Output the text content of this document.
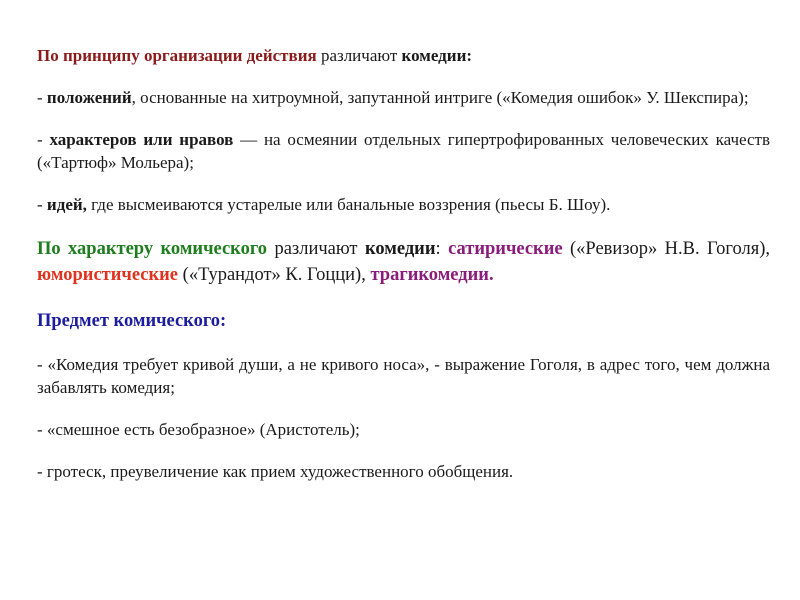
По принципу организации действия различают комедии:

- положений, основанные на хитроумной, запутанной интриге («Комедия ошибок» У. Шекспира);

- характеров или нравов — на осмеянии отдельных гипертрофированных человеческих качеств («Тартюф» Мольера);

- идей, где высмеиваются устарелые или банальные воззрения (пьесы Б. Шоу).

По характеру комического различают комедии: сатирические («Ревизор» Н.В. Гоголя), юмористические («Турандот» К. Гоцци), трагикомедии.

Предмет комического:

- «Комедия требует кривой души, а не кривого носа», - выражение Гоголя, в адрес того, чем должна забавлять комедия;

- «смешное есть безобразное» (Аристотель);

- гротеск, преувеличение как прием художественного обобщения.
